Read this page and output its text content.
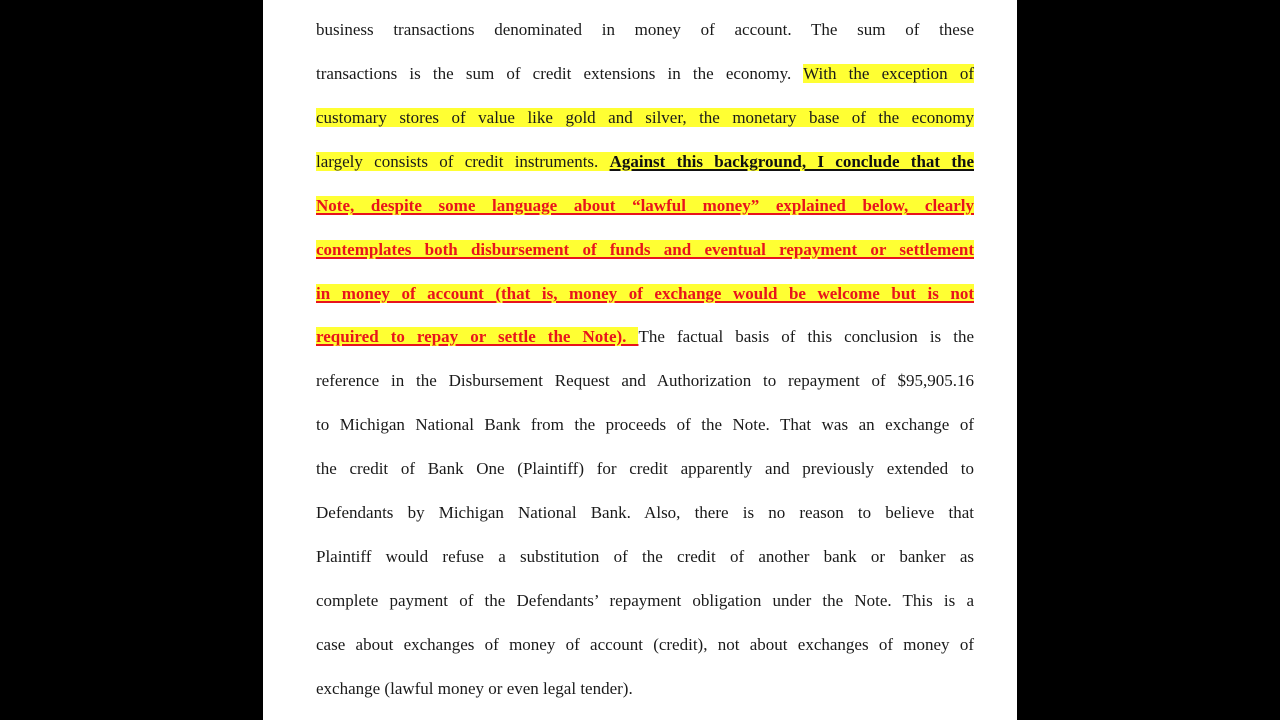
business transactions denominated in money of account. The sum of these
transactions is the sum of credit extensions in the economy. With the exception of
customary stores of value like gold and silver, the monetary base of the economy
largely consists of credit instruments. Against this background, I conclude that the
Note, despite some language about “lawful money” explained below, clearly
contemplates both disbursement of funds and eventual repayment or settlement
in money of account (that is, money of exchange would be welcome but is not
required to repay or settle the Note). The factual basis of this conclusion is the
reference in the Disbursement Request and Authorization to repayment of $95,905.16
to Michigan National Bank from the proceeds of the Note. That was an exchange of
the credit of Bank One (Plaintiff) for credit apparently and previously extended to
Defendants by Michigan National Bank. Also, there is no reason to believe that
Plaintiff would refuse a substitution of the credit of another bank or banker as
complete payment of the Defendants’ repayment obligation under the Note. This is a
case about exchanges of money of account (credit), not about exchanges of money of
exchange (lawful money or even legal tender).
